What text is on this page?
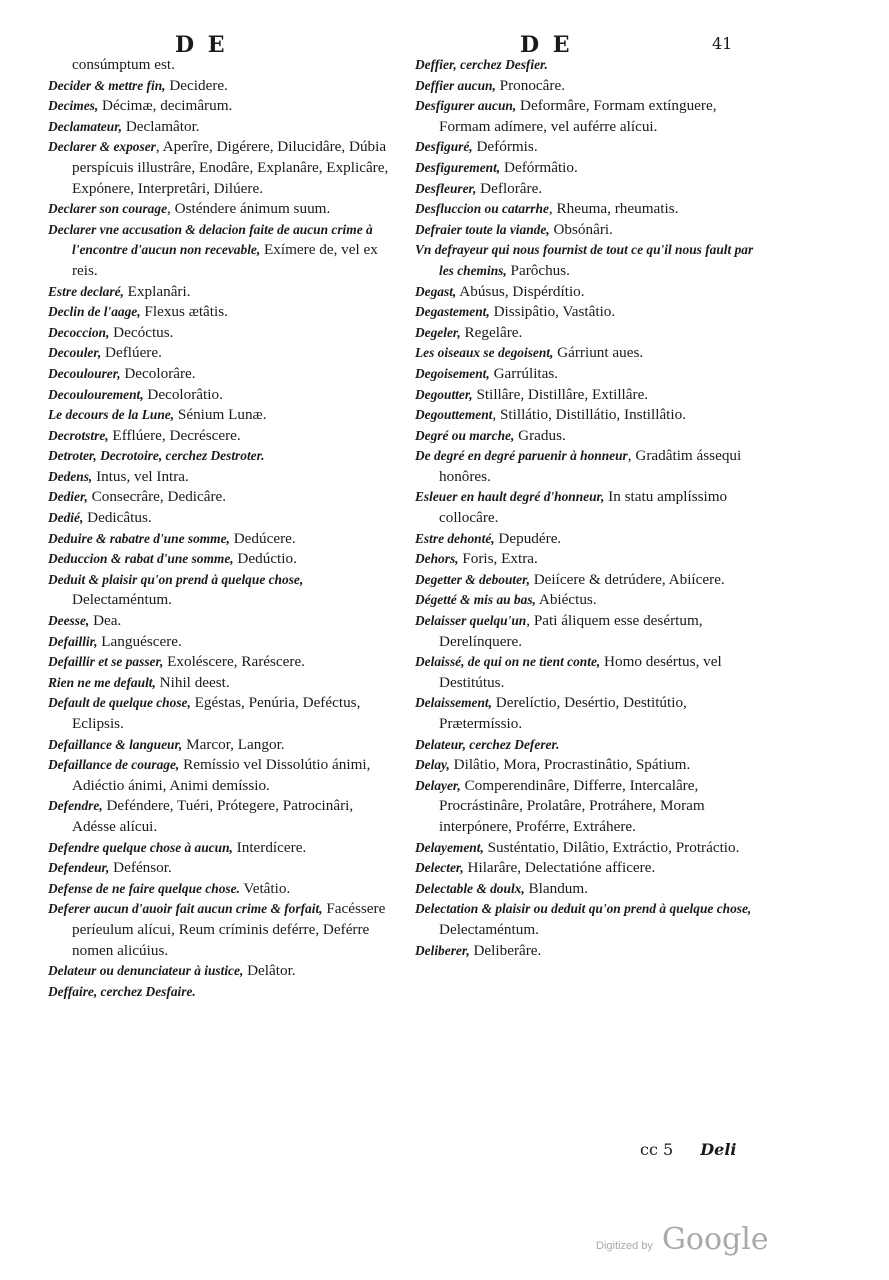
D E	D E	41

consúmptum est.

Decider & mettre fin, Decidere.

Decimes, Décimæ, decimârum.

Declamateur, Declamâtor.

Declarer & exposer, Aperîre, Digérere, Dilucidâre, Dúbia perspícuis illustrâre, Enodâre, Explanâre, Explicâre, Expónere, Interpretâri, Dilúere.

Declarer son courage, Osténdere ánimum suum.

Declarer vne accusation & delacion faite de aucun crime à l'encontre d'aucun non recevable, Exímere de, vel ex reis.

Estre declaré, Explanâri.

Declin de l'aage, Flexus ætâtis.

Decoccion, Decóctus.

Decouler, Deflúere.

Decoulourer, Decolorâre.

Decoulourement, Decolorâtio.

Le decours de la Lune, Sénium Lunæ.

Decrotstre, Efflúere, Decréscere.

Detroter, Decrotoire, cerchez Destroter.

Dedens, Intus, vel Intra.

Dedier, Consecrâre, Dedicâre.

Dedié, Dedicâtus.

Deduire & rabatre d'une somme, Dedúcere.

Deduccion & rabat d'une somme, Dedúctio.

Deduit & plaisir qu'on prend à quelque chose, Delectaméntum.

Deesse, Dea.

Defaillir, Languéscere.

Defaillir et se passer, Exoléscere, Raréscere.

Rien ne me default, Nihil deest.

Default de quelque chose, Egéstas, Penúria, Deféctus, Eclipsis.

Defaillance & langueur, Marcor, Langor.

Defaillance de courage, Remíssio vel Dissolútio ánimi, Adiéctio ánimi, Animi demíssio.

Defendre, Deféndere, Tuéri, Prótegere, Patrocinâri, Adésse alícui.

Defendre quelque chose à aucun, Interdícere.

Defendeur, Defénsor.

Defense de ne faire quelque chose. Vetâtio.

Deferer aucun d'auoir fait aucun crime & forfait, Facéssere períeulum alícui, Reum críminis deférre, Deférre nomen alicúius.

Delateur ou denunciateur à iustice, Delâtor.

Deffaire, cerchez Desfaire.

Deffier, cerchez Desfier.

Deffier aucun, Pronocâre.

Desfigurer aucun, Deformâre, Formam extínguere, Formam adímere, vel auférre alícui.

Desfiguré, Defórmis.

Desfigurement, Defórmâtio.

Desfleurer, Deflorâre.

Desfluccion ou catarrhe, Rheuma, rheumatis.

Defraier toute la viande, Obsónâri.

Vn defrayeur qui nous fournist de tout ce qu'il nous fault par les chemins, Parôchus.

Degast, Abúsus, Dispérdítio.

Degastement, Dissipâtio, Vastâtio.

Degeler, Regelâre.

Les oiseaux se degoisent, Gárriunt aues.

Degoisement, Garrúlitas.

Degoutter, Stillâre, Distillâre, Extillâre.

Degouttement, Stillátio, Distillátio, Instillâtio.

Degré ou marche, Gradus.

De degré en degré paruenir à honneur, Gradâtim ássequi honôres.

Esleuer en hault degré d'honneur, In statu amplíssimo collocâre.

Estre dehonté, Depudére.

Dehors, Foris, Extra.

Degetter & debouter, Deiícere & detrúdere, Abiícere.

Dégetté & mis au bas, Abiéctus.

Delaisser quelqu'un, Pati áliquem esse desértum, Derelínquere.

Delaissé, de qui on ne tient conte, Homo desértus, vel Destitútus.

Delaissement, Derelíctio, Desértio, Destitútio, Prætermíssio.

Delateur, cerchez Deferer.

Delay, Dilâtio, Mora, Procrastinâtio, Spátium.

Delayer, Comperendinâre, Differre, Intercalâre, Procrástinâre, Prolatâre, Protráhere, Moram interpónere, Proférre, Extráhere.

Delayement, Susténtatio, Dilâtio, Extráctio, Protráctio.

Delecter, Hilarâre, Delectatióne afficere.

Delectable & doulx, Blandum.

Delectation & plaisir ou deduit qu'on prend à quelque chose, Delectaméntum.

Deliberer, Deliberâre.

cc 5 Deli
Digitized by Google
